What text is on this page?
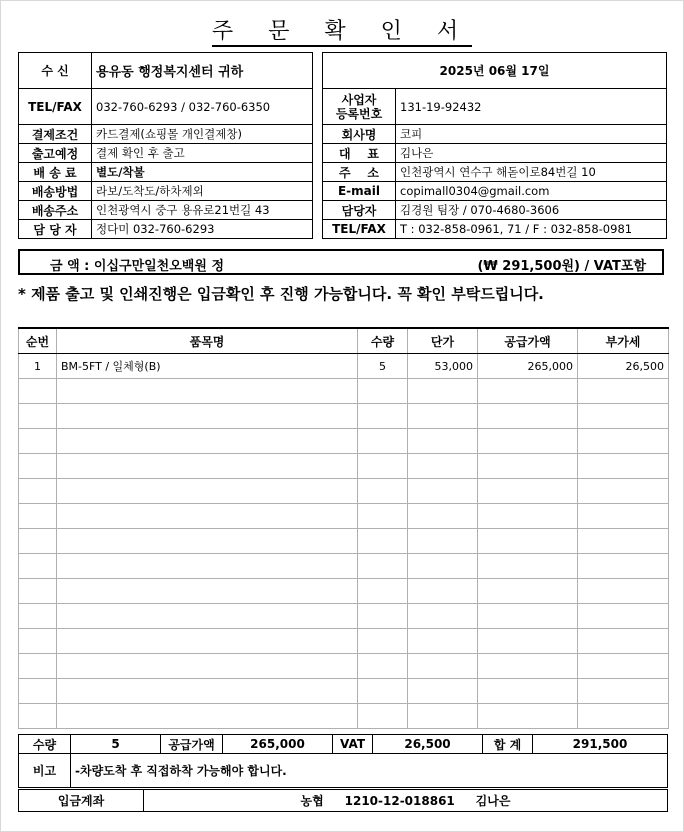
주 문 확 인 서
수 신	용유동 행정복지센터 귀하
TEL/FAX	032-760-6293 / 032-760-6350
결제조건	카드결제(쇼핑몰 개인결제창)
출고예정	결제 확인 후 출고
배 송 료	별도/착불
배송방법	라보/도착도/하차제외
배송주소	인천광역시 중구 용유로21번길 43
담 당 자	정다미 032-760-6293
2025년 06월 17일	
사업자
등록번호	131-19-92432
회사명	코피
대    표	김나은
주    소	인천광역시 연수구 해돋이로84번길 10
E-mail	copimall0304@gmail.com
담당자	김경원 팀장 / 070-4680-3606
TEL/FAX	T : 032-858-0961, 71 / F : 032-858-0981
금 액 : 이십구만일천오백원 정	(₩ 291,500원) / VAT포함
* 제품 출고 및 인쇄진행은 입금확인 후 진행 가능합니다. 꼭 확인 부탁드립니다.
순번	품목명	수량	단가	공급가액	부가세
1	BM-5FT / 일체형(B)	5	53,000	265,000	26,500

수량	5	공급가액	265,000	VAT	26,500	합 계	291,500
비고	-차량도착 후 직접하착 가능해야 합니다.
입금계좌	농협     1210-12-018861     김나은
